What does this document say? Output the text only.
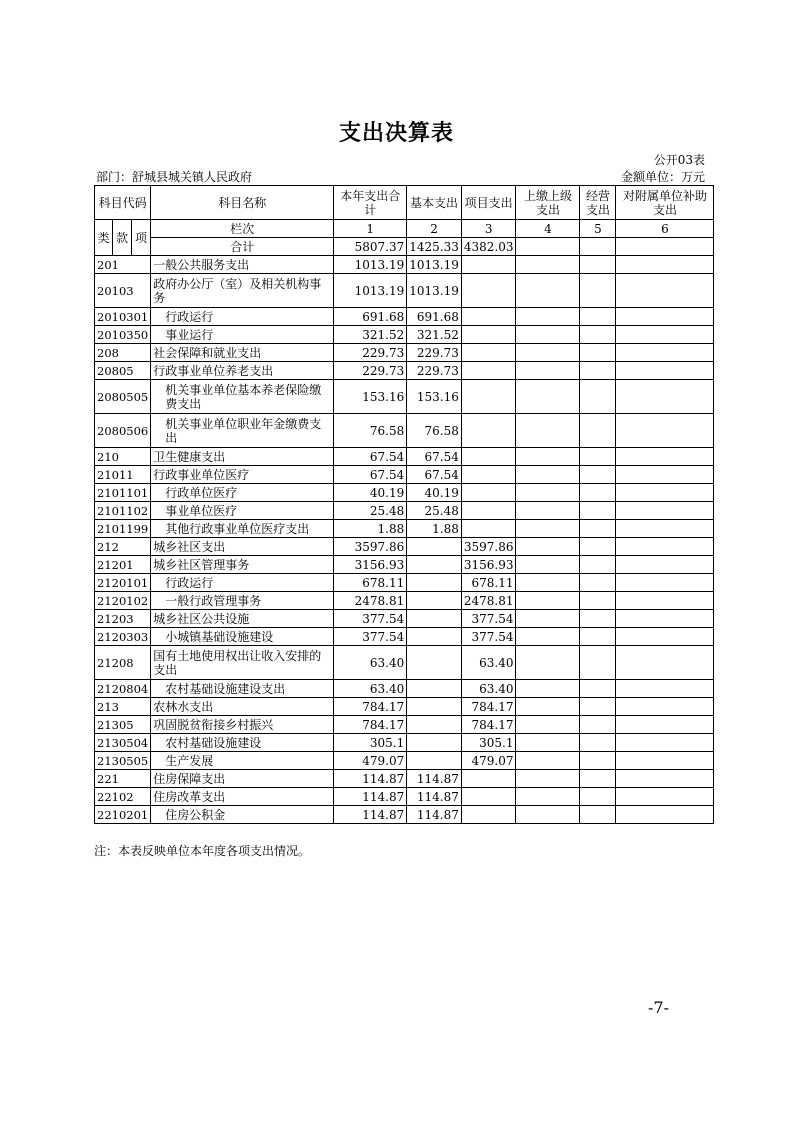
支出决算表
公开03表
部门：舒城县城关镇人民政府	金额单位：万元
科目代码			科目名称	本年支出合计	基本支出	项目支出	上缴上级支出	经营支出	对附属单位补助支出
类	款	项	栏次	1	2	3	4	5	6
			合计	5807.37	1425.33	4382.03			
201			一般公共服务支出	1013.19	1013.19				
20103			政府办公厅（室）及相关机构事务	1013.19	1013.19				
2010301			行政运行	691.68	691.68				
2010350			事业运行	321.52	321.52				
208			社会保障和就业支出	229.73	229.73				
20805			行政事业单位养老支出	229.73	229.73				
2080505			机关事业单位基本养老保险缴费支出	153.16	153.16				
2080506			机关事业单位职业年金缴费支出	76.58	76.58				
210			卫生健康支出	67.54	67.54				
21011			行政事业单位医疗	67.54	67.54				
2101101			行政单位医疗	40.19	40.19				
2101102			事业单位医疗	25.48	25.48				
2101199			其他行政事业单位医疗支出	1.88	1.88				
212			城乡社区支出	3597.86		3597.86			
21201			城乡社区管理事务	3156.93		3156.93			
2120101			行政运行	678.11		678.11			
2120102			一般行政管理事务	2478.81		2478.81			
21203			城乡社区公共设施	377.54		377.54			
2120303			小城镇基础设施建设	377.54		377.54			
21208			国有土地使用权出让收入安排的支出	63.40		63.40			
2120804			农村基础设施建设支出	63.40		63.40			
213			农林水支出	784.17		784.17			
21305			巩固脱贫衔接乡村振兴	784.17		784.17			
2130504			农村基础设施建设	305.1		305.1			
2130505			生产发展	479.07		479.07			
221			住房保障支出	114.87	114.87				
22102			住房改革支出	114.87	114.87				
2210201			住房公积金	114.87	114.87				
注：本表反映单位本年度各项支出情况。
-7-
